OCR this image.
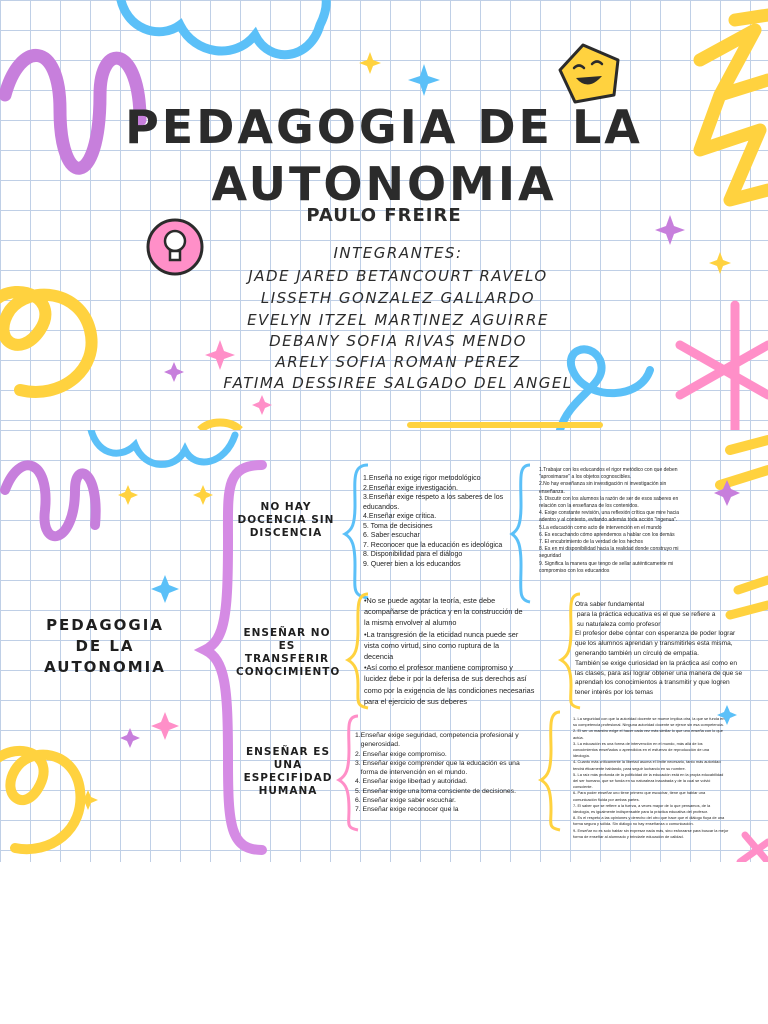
PEDAGOGIA DE LA
AUTONOMIA
PAULO FREIRE
INTEGRANTES:
JADE JARED BETANCOURT RAVELO
LISSETH GONZALEZ GALLARDO
EVELYN ITZEL MARTINEZ AGUIRRE
DEBANY SOFIA RIVAS MENDO
ARELY SOFIA ROMAN PEREZ
FATIMA DESSIREE SALGADO DEL ANGEL
PEDAGOGIA
DE LA
AUTONOMIA
NO HAY
DOCENCIA SIN
DISCENCIA
1.Enseña no exige rigor metodológico
2.Enseñar exige investigación.
3.Enseñar exige respeto a los saberes de los
educandos.
4.Enseñar exige crítica.
5. Toma de decisiones
6. Saber escuchar
7. Reconocer que la educación es ideológica
8. Disponibilidad para el diálogo
9. Querer bien a los educandos
1.Trabajar con los educandos el rigor metódico con que deben
"aproximarse" a los objetos cognoscibles.
2.No hay enseñanza sin investigación ni investigación sin
enseñanza.
3. Discutir con los alumnos la razón de ser de esos saberes en
relación con la enseñanza de los contenidos.
4. Exige constante revisión, una reflexión crítica que mire hacia
adentro y al contexto, evitando además toda acción "ingenua".
5.La educación como acto de intervención en el mundo
6. Es escuchando cómo aprendemos a hablar con los demás
7. El encubrimiento de la verdad de los hechos
8. Es en mi disponibilidad hacia la realidad donde construyo mi
seguridad
9. Significa la manera que tengo de sellar auténticamente mi
compromiso con los educandos
ENSEÑAR NO ES
TRANSFERIR
CONOCIMIENTO
•No se puede agotar la teoría, este debe
acompañarse de práctica y en la construcción de
la misma envolver al alumno
•La transgresión de la eticidad nunca puede ser
vista como virtud, sino como ruptura de la
decencia
•Así como el profesor mantiene compromiso y
lucidez debe ir por la defensa de sus derechos así
como por la exigencia de las condiciones necesarias
para el ejercicio de sus deberes
Otra saber fundamental
para la práctica educativa es el que se refiere a
su naturaleza como profesor
El profesor debe contar con esperanza de poder lograr
que los alumnos aprendan y transmitirles esta misma,
generando también un círculo de empatía.
También se exige curiosidad en la práctica así como en
las clases, para así lograr obtener una manera de que se
aprendan los conocimientos a transmitir y que logren
tener interés por los temas
ENSEÑAR ES
UNA
ESPECIFIDAD
HUMANA
1.Enseñar exige seguridad, competencia profesional y
generosidad.
2. Enseñar exige compromiso.
3. Enseñar exige comprender que la educación es una
forma de intervención en el mundo.
4. Enseñar exige libertad y autoridad.
5. Enseñar exige una toma consciente de decisiones.
6. Enseñar exige saber escuchar.
7. Enseñar exige reconocer que la
1- La seguridad con que la autoridad docente se mueve implica otra, la que se funda en
su competencia profesional. Ninguna autoridad docente se ejerce sin esa competencia.
2- El ser un maestro exige el hacer cada vez más similar lo que uno enseña con lo que
actúa.
3- La educación es una forma de intervención en el mundo, más allá de los
conocimientos enseñados o aprendidos en el esfuerzo de reproducción de una
ideología.
4- Cuanto más críticamente la libertad asuma el límite necesario, tanto más autoridad
tendrá éticamente hablando, para seguir luchando en su nombre.
5- La raíz más profunda de la politicidad de la educación está en la propia educabilidad
del ser humano, que se funda en su naturaleza inacabada y de la cual se volvió
consciente.
6- Para poder enseñar uno tiene primero que escuchar, tiene que hablar una
comunicación fluida por ambas partes.
7- El saber que se refiere a la fuerza, a veces mayor de lo que pensamos, de la
ideología, es igualmente indispensable para la práctica educativa del profesor.
8- Es el respeto a las opiniones y derecho del otro que hace que el diálogo fluya de una
forma segura y sólida. Sin diálogo no hay enseñanza o comunicación.
9- Enseñar no es solo hablar sin expresar nada más, sino esforzarse para buscar la mejor
forma de enseñar al alumnado y brindarle educación de calidad.
